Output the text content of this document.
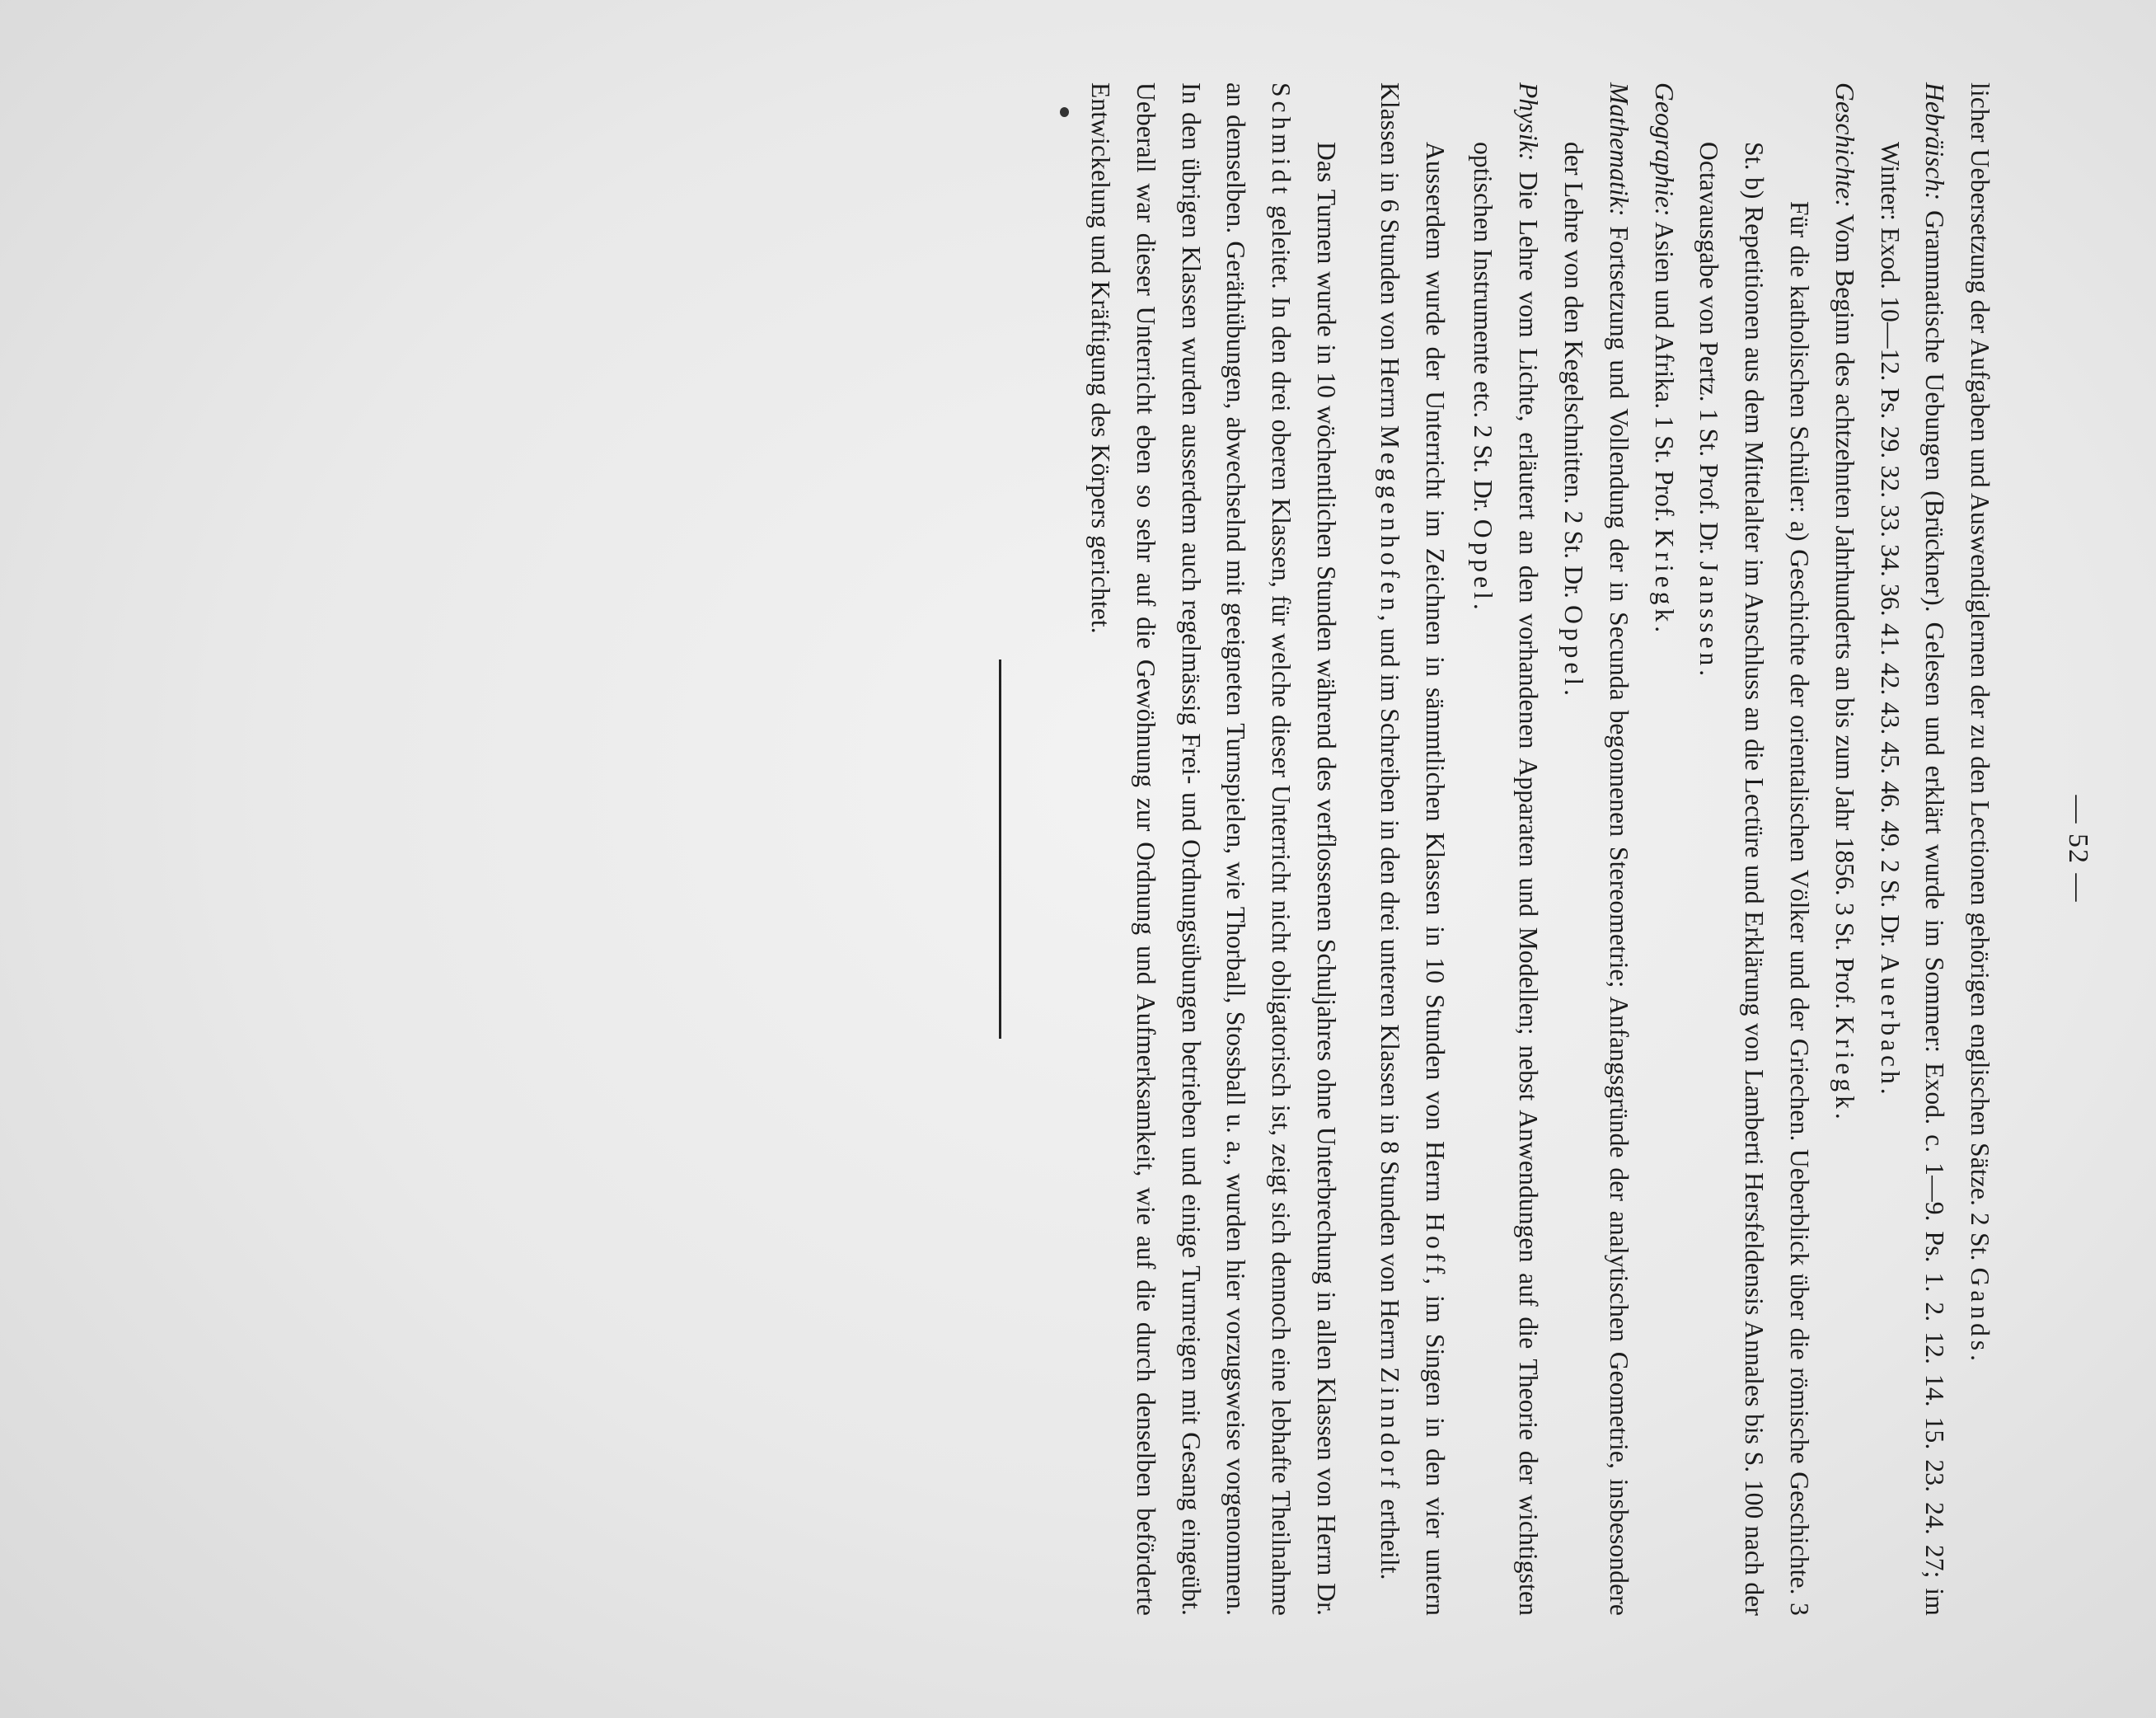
— 52 —

licher Uebersetzung der Aufgaben und Auswendiglernen der zu den Lectionen gehörigen englischen Sätze. 2 St. Gands.

Hebräisch: Grammatische Uebungen (Brückner). Gelesen und erklärt wurde im Sommer: Exod. c. 1—9. Ps. 1. 2. 12. 14. 15. 23. 24. 27; im Winter: Exod. 10—12. Ps. 29. 32. 33. 34. 36. 41. 42. 43. 45. 46. 49. 2 St. Dr. Auerbach.

Geschichte: Vom Beginn des achtzehnten Jahrhunderts an bis zum Jahr 1856. 3 St. Prof. Kriegk.

Für die katholischen Schüler: a) Geschichte der orientalischen Völker und der Griechen. Ueberblick über die römische Geschichte. 3 St. b) Repetitionen aus dem Mittelalter im Anschluss an die Lectüre und Erklärung von Lamberti Hersfeldensis Annales bis S. 100 nach der Octavausgabe von Pertz. 1 St. Prof. Dr. Janssen.

Geographie: Asien und Afrika. 1 St. Prof. Kriegk.

Mathematik: Fortsetzung und Vollendung der in Secunda begonnenen Stereometrie; Anfangsgründe der analytischen Geometrie, insbesondere der Lehre von den Kegelschnitten. 2 St. Dr. Oppel.

Physik: Die Lehre vom Lichte, erläutert an den vorhandenen Apparaten und Modellen; nebst Anwendungen auf die Theorie der wichtigsten optischen Instrumente etc. 2 St. Dr. Oppel.

Ausserdem wurde der Unterricht im Zeichnen in sämmtlichen Klassen in 10 Stunden von Herrn Hoff, im Singen in den vier untern Klassen in 6 Stunden von Herrn Meggenhofen, und im Schreiben in den drei unteren Klassen in 8 Stunden von Herrn Zinndorf ertheilt.

Das Turnen wurde in 10 wöchentlichen Stunden während des verflossenen Schuljahres ohne Unterbrechung in allen Klassen von Herrn Dr. Schmidt geleitet. In den drei oberen Klassen, für welche dieser Unterricht nicht obligatorisch ist, zeigt sich dennoch eine lebhafte Theilnahme an demselben. Geräthübungen, abwechselnd mit geeigneten Turnspielen, wie Thorball, Stossball u. a., wurden hier vorzugsweise vorgenommen. In den übrigen Klassen wurden ausserdem auch regelmässig Frei- und Ordnungsübungen betrieben und einige Turnreigen mit Gesang eingeübt. Ueberall war dieser Unterricht eben so sehr auf die Gewöhnung zur Ordnung und Aufmerksamkeit, wie auf die durch denselben beförderte Entwickelung und Kräftigung des Körpers gerichtet.
